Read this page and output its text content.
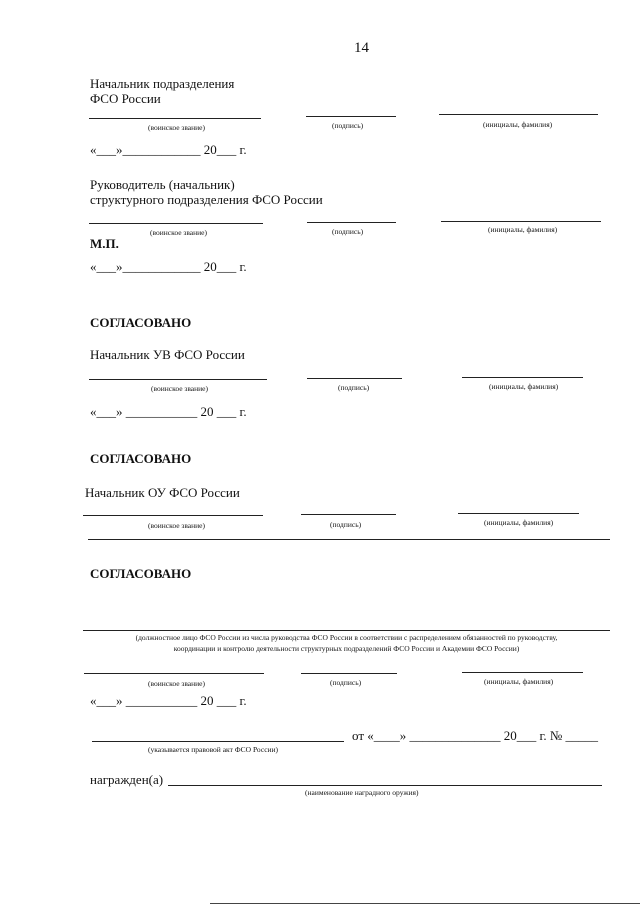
14
Начальник подразделения
ФСО России
(воинское звание)	(подпись)	(инициалы, фамилия)
«___»____________ 20___ г.
Руководитель (начальник)
структурного подразделения ФСО России
(воинское звание)	(подпись)	(инициалы, фамилия)
М.П.
«___»____________ 20___ г.
СОГЛАСОВАНО
Начальник УВ ФСО России
(воинское звание)	(подпись)	(инициалы, фамилия)
«___» ___________ 20 ___ г.
СОГЛАСОВАНО
Начальник ОУ ФСО России
(воинское звание)	(подпись)	(инициалы, фамилия)
СОГЛАСОВАНО
(должностное лицо ФСО России из числа руководства ФСО России в соответствии с распределением обязанностей по руководству,
координации и контролю деятельности структурных подразделений ФСО России и Академии ФСО России)
(воинское звание)	(подпись)	(инициалы, фамилия)
«___» ___________ 20 ___ г.
от «____» ______________ 20___ г. № _____
(указывается правовой акт ФСО России)
награжден(а)
(наименование наградного оружия)
